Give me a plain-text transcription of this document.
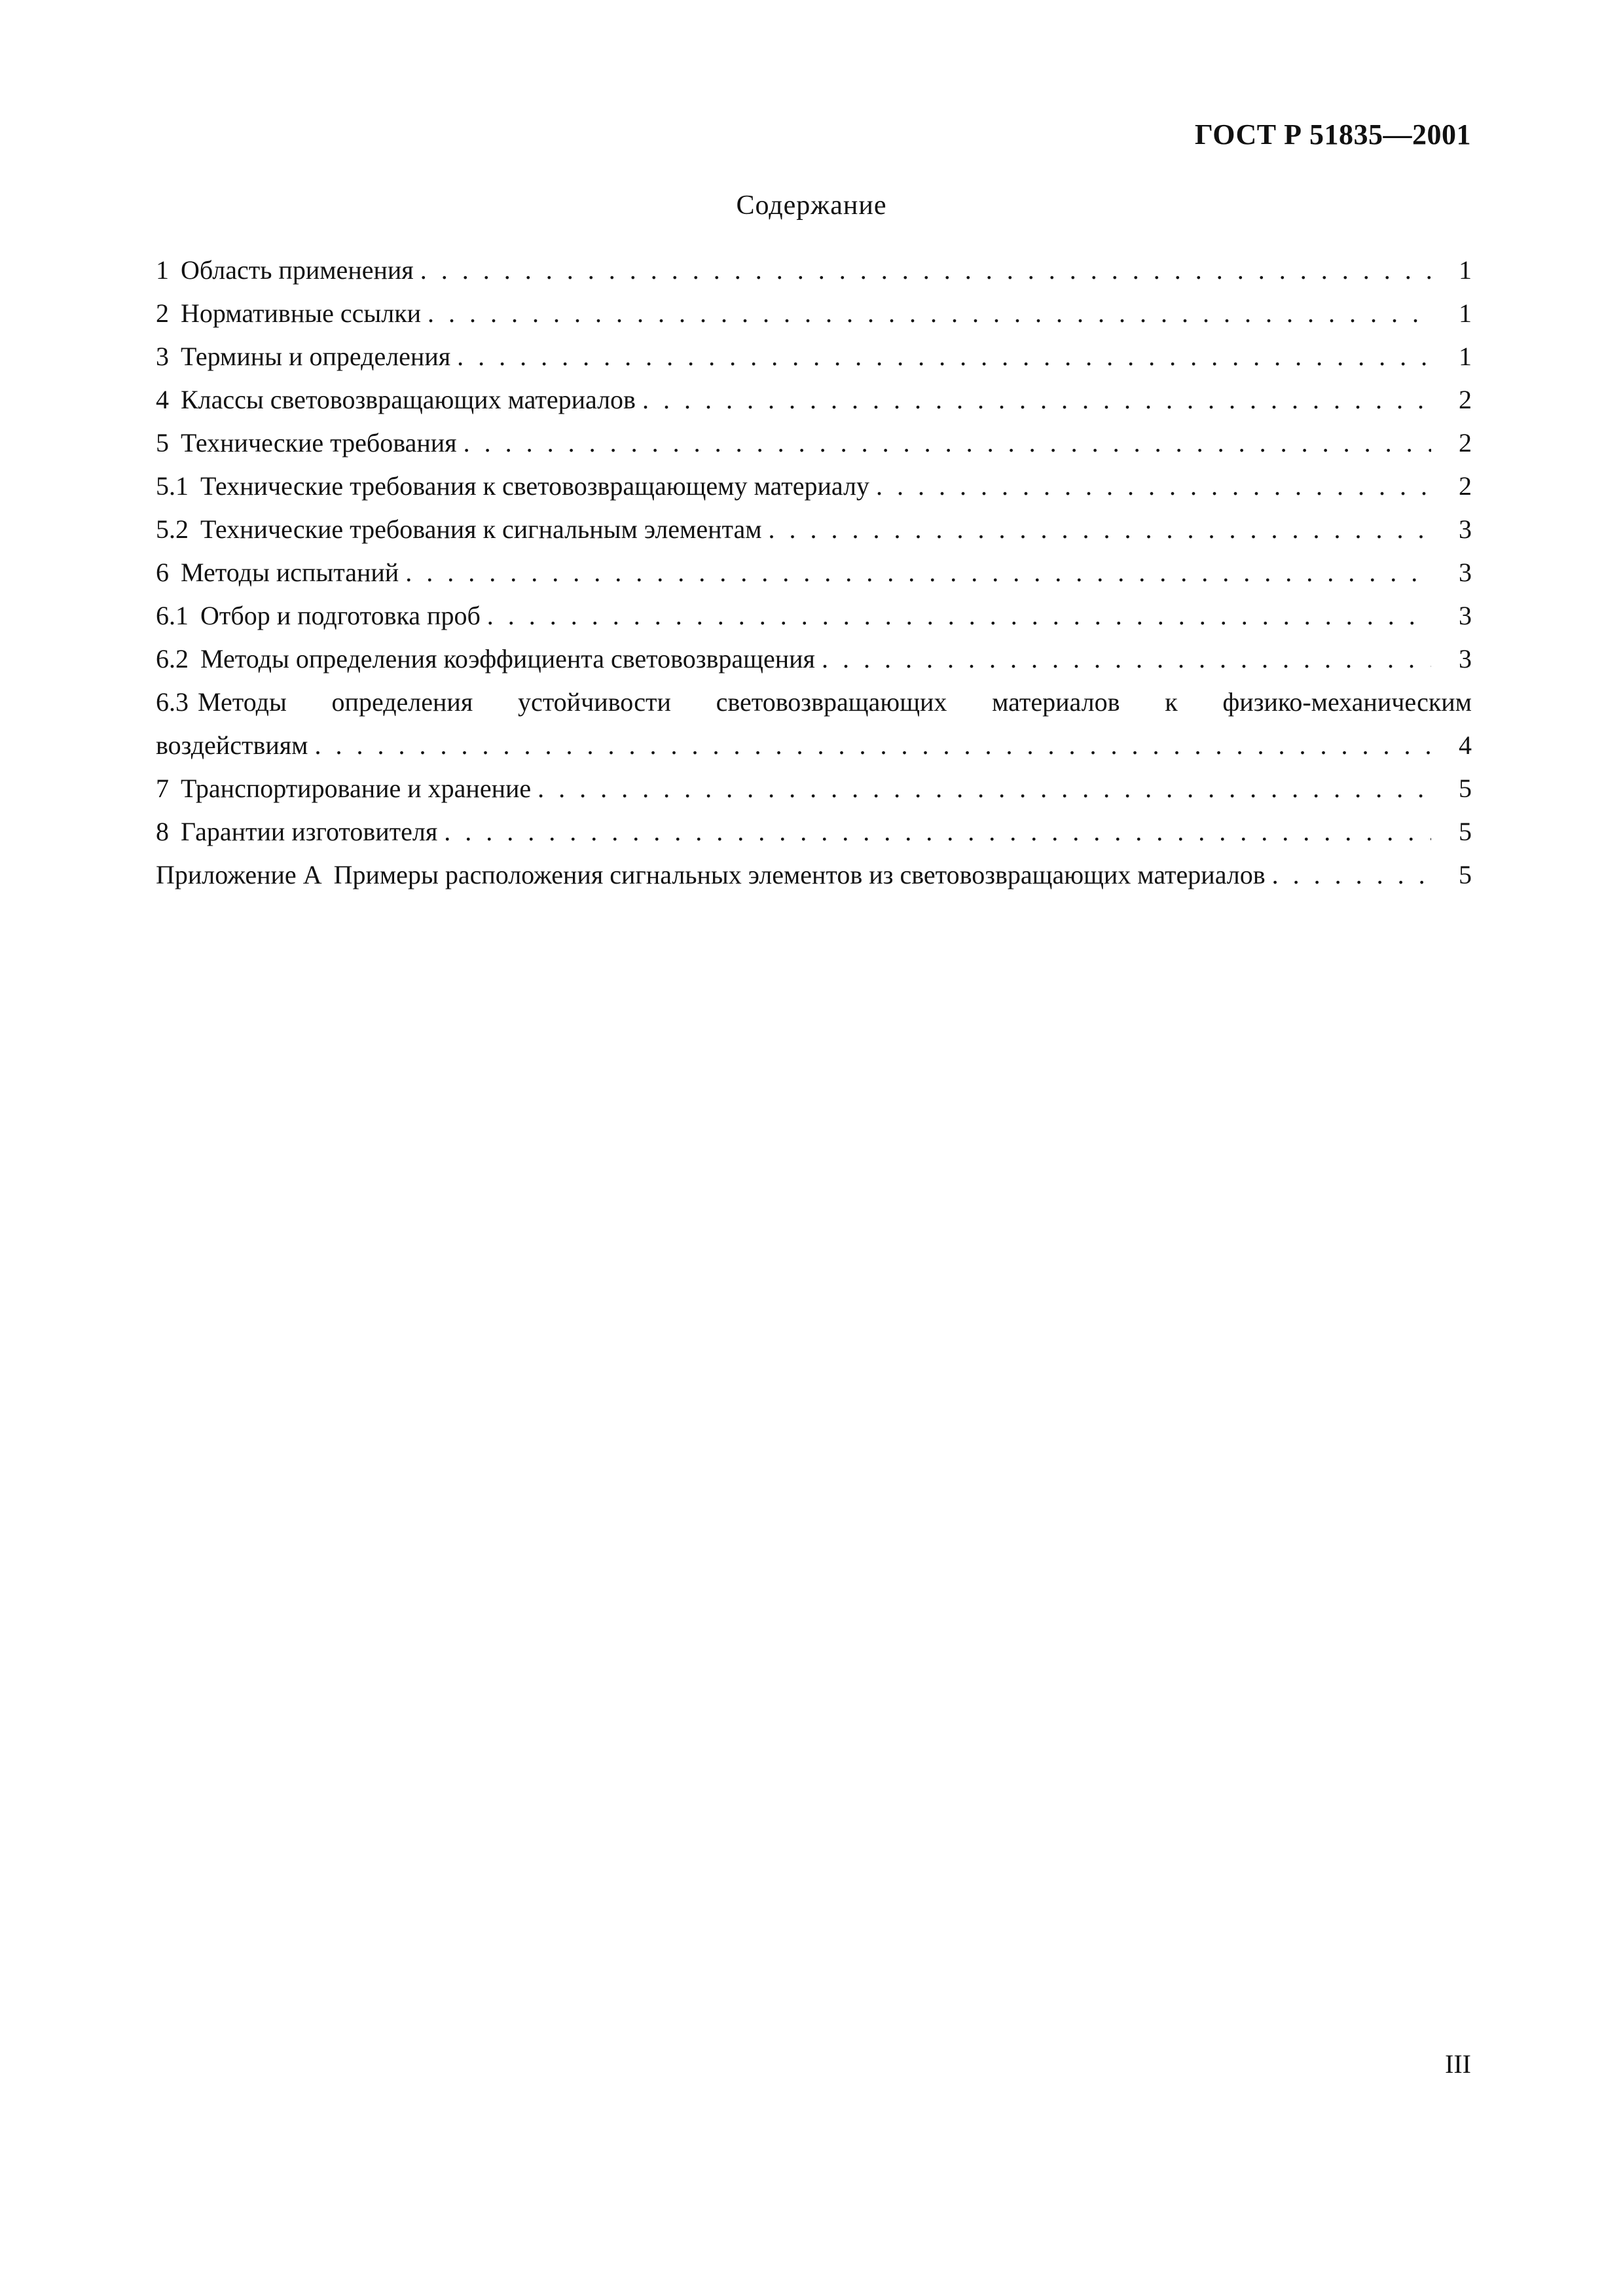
ГОСТ Р 51835—2001

Содержание
1 Область применения . . .	1
2 Нормативные ссылки . . .	1
3 Термины и определения . . .	1
4 Классы световозвращающих материалов . . .	2
5 Технические требования . . .	2
5.1 Технические требования к световозвращающему материалу . . .	2
5.2 Технические требования к сигнальным элементам . . .	3
6 Методы испытаний . . .	3
6.1 Отбор и подготовка проб . . .	3
6.2 Методы определения коэффициента световозвращения . . .	3
6.3 Методы определения устойчивости световозвращающих материалов к физико-механическим
воздействиям . . .	4
7 Транспортирование и хранение . . .	5
8 Гарантии изготовителя . . .	5
Приложение А Примеры расположения сигнальных элементов из световозвращающих материалов . . .	5

III
